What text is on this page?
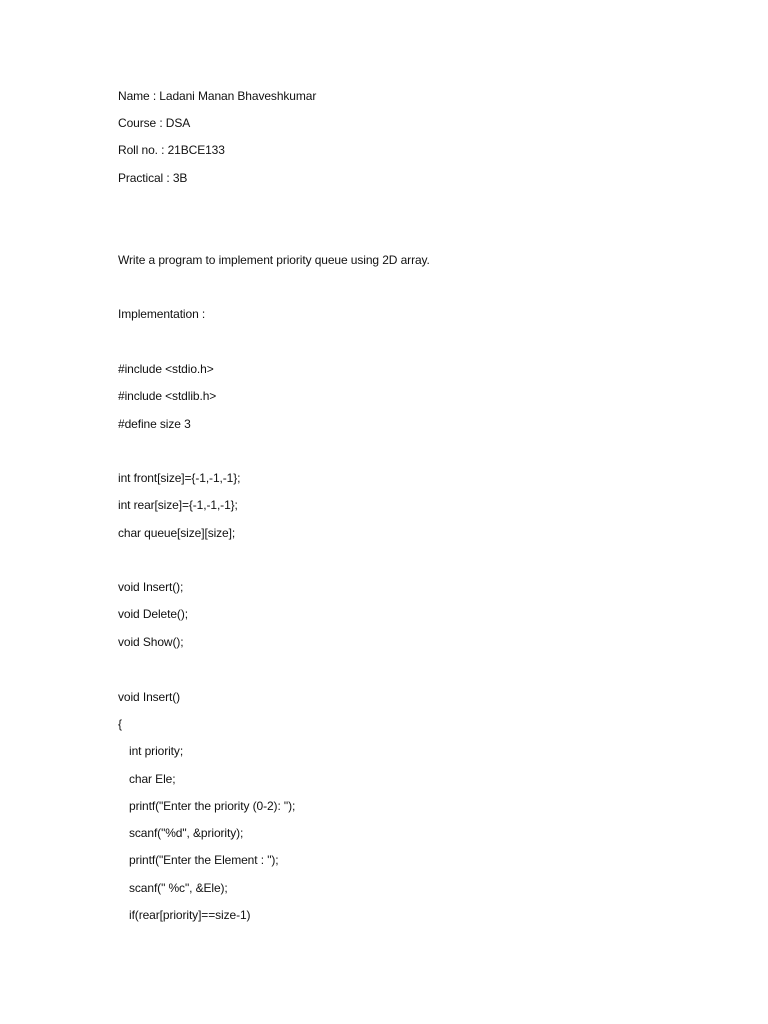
Name : Ladani Manan Bhaveshkumar
Course : DSA
Roll no. : 21BCE133
Practical : 3B
Write a program to implement priority queue using 2D array.
Implementation :
#include <stdio.h>
#include <stdlib.h>
#define size 3
int front[size]={-1,-1,-1};
int rear[size]={-1,-1,-1};
char queue[size][size];
void Insert();
void Delete();
void Show();
void Insert()
{
int priority;
char Ele;
printf("Enter the priority (0-2): ");
scanf("%d", &priority);
printf("Enter the Element : ");
scanf(" %c", &Ele);
if(rear[priority]==size-1)
